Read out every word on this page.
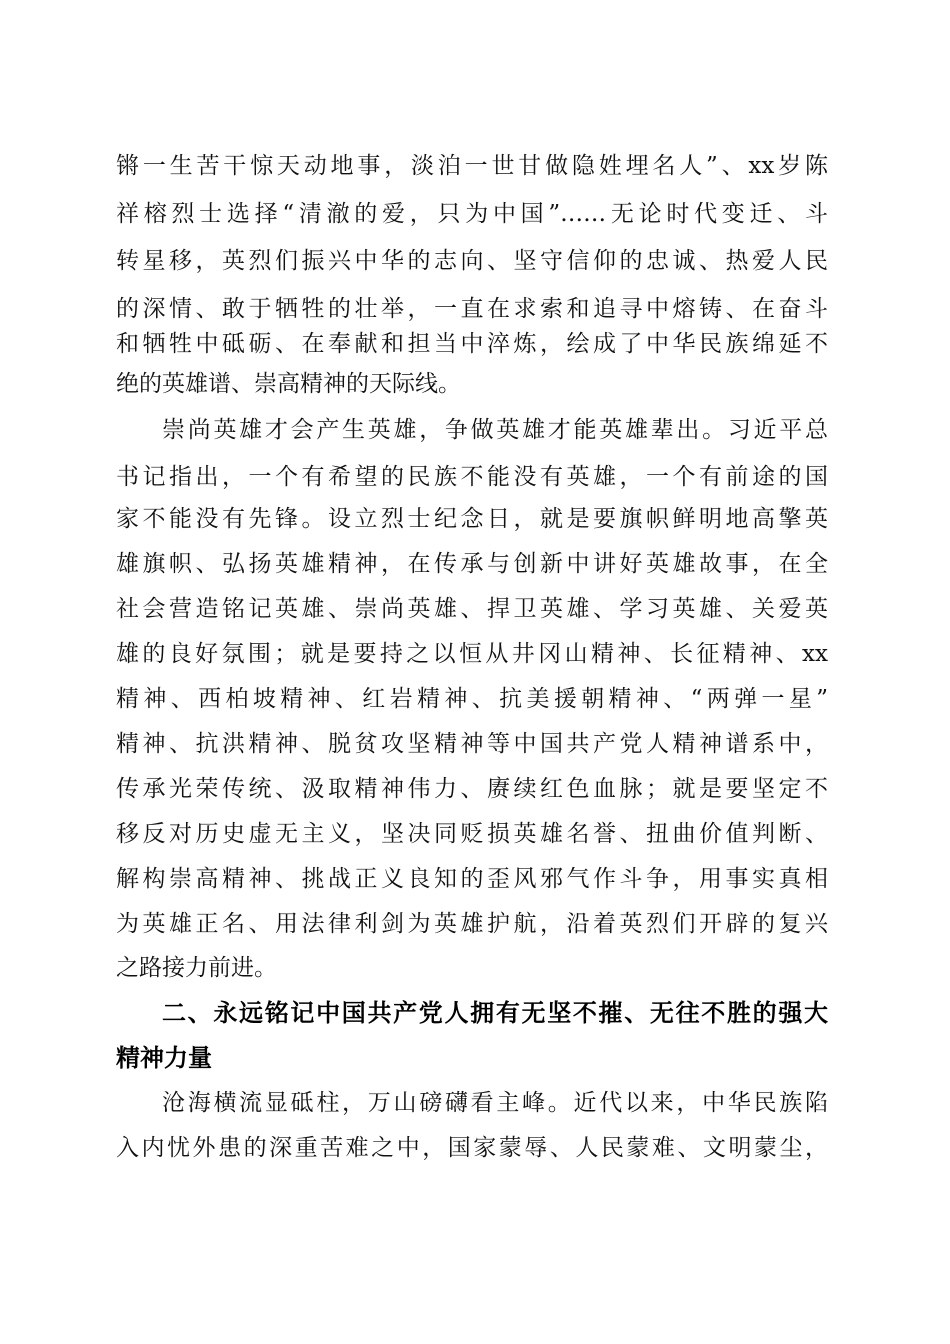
锵一生苦干惊天动地事，淡泊一世甘做隐姓埋名人”、xx岁陈
祥榕烈士选择“清澈的爱，只为中国”……无论时代变迁、斗
转星移，英烈们振兴中华的志向、坚守信仰的忠诚、热爱人民
的深情、敢于牺牲的壮举，一直在求索和追寻中熔铸、在奋斗
和牺牲中砥砺、在奉献和担当中淬炼，绘成了中华民族绵延不
绝的英雄谱、崇高精神的天际线。
崇尚英雄才会产生英雄，争做英雄才能英雄辈出。习近平总
书记指出，一个有希望的民族不能没有英雄，一个有前途的国
家不能没有先锋。设立烈士纪念日，就是要旗帜鲜明地高擎英
雄旗帜、弘扬英雄精神，在传承与创新中讲好英雄故事，在全
社会营造铭记英雄、崇尚英雄、捍卫英雄、学习英雄、关爱英
雄的良好氛围；就是要持之以恒从井冈山精神、长征精神、xx
精神、西柏坡精神、红岩精神、抗美援朝精神、“两弹一星”
精神、抗洪精神、脱贫攻坚精神等中国共产党人精神谱系中，
传承光荣传统、汲取精神伟力、赓续红色血脉；就是要坚定不
移反对历史虚无主义，坚决同贬损英雄名誉、扭曲价值判断、
解构崇高精神、挑战正义良知的歪风邪气作斗争，用事实真相
为英雄正名、用法律利剑为英雄护航，沿着英烈们开辟的复兴
之路接力前进。
二、永远铭记中国共产党人拥有无坚不摧、无往不胜的强大
精神力量
沧海横流显砥柱，万山磅礴看主峰。近代以来，中华民族陷
入内忧外患的深重苦难之中，国家蒙辱、人民蒙难、文明蒙尘，
